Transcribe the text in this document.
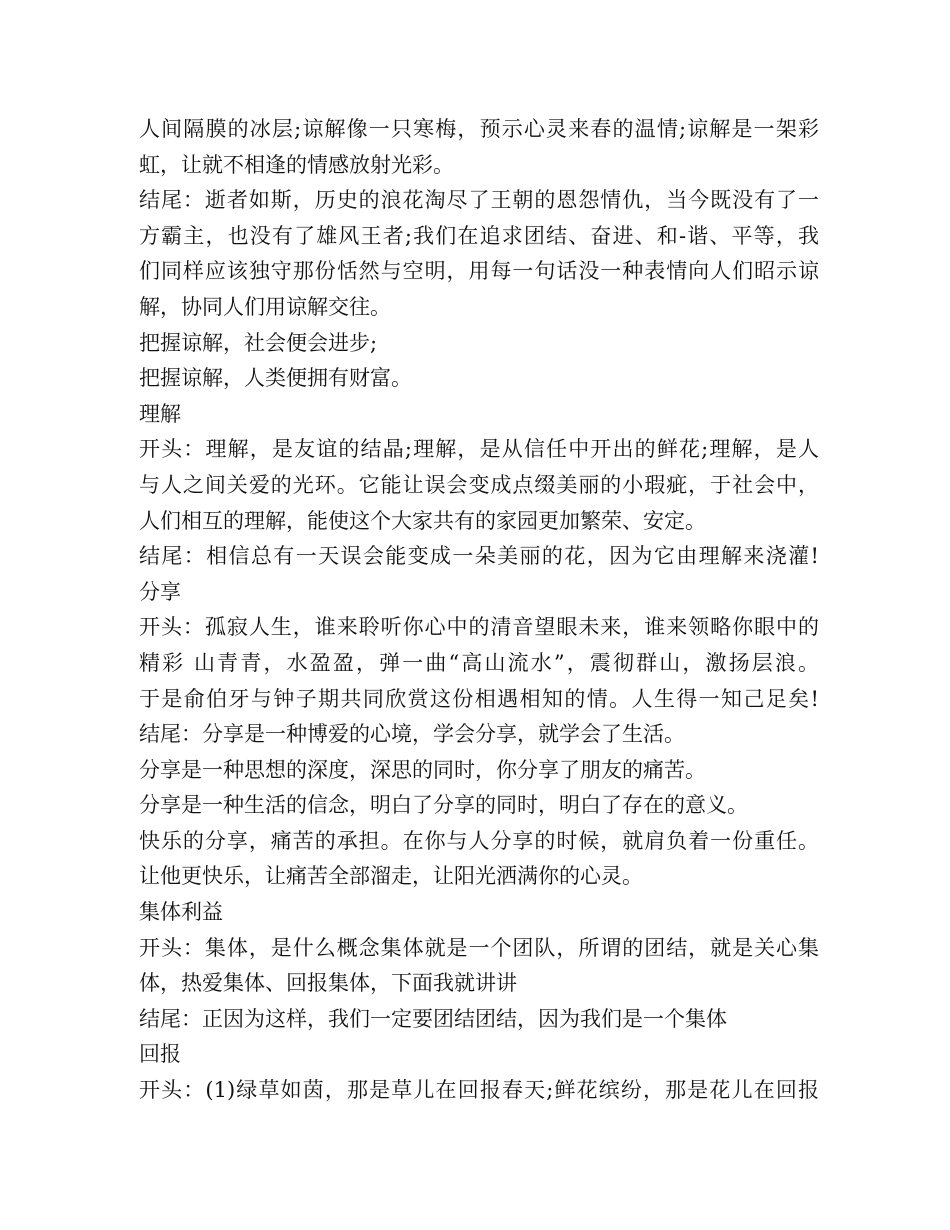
人间隔膜的冰层;谅解像一只寒梅，预示心灵来春的温情;谅解是一架彩
虹，让就不相逢的情感放射光彩。
结尾：逝者如斯，历史的浪花淘尽了王朝的恩怨情仇，当今既没有了一
方霸主，也没有了雄风王者;我们在追求团结、奋进、和-谐、平等，我
们同样应该独守那份恬然与空明，用每一句话没一种表情向人们昭示谅
解，协同人们用谅解交往。
把握谅解，社会便会进步;
把握谅解，人类便拥有财富。
理解
开头：理解，是友谊的结晶;理解，是从信任中开出的鲜花;理解，是人
与人之间关爱的光环。它能让误会变成点缀美丽的小瑕疵，于社会中，
人们相互的理解，能使这个大家共有的家园更加繁荣、安定。
结尾：相信总有一天误会能变成一朵美丽的花，因为它由理解来浇灌!
分享
开头：孤寂人生，谁来聆听你心中的清音望眼未来，谁来领略你眼中的
精彩 山青青，水盈盈，弹一曲“高山流水”，震彻群山，激扬层浪。
于是俞伯牙与钟子期共同欣赏这份相遇相知的情。人生得一知己足矣!
结尾：分享是一种博爱的心境，学会分享，就学会了生活。
分享是一种思想的深度，深思的同时，你分享了朋友的痛苦。
分享是一种生活的信念，明白了分享的同时，明白了存在的意义。
快乐的分享，痛苦的承担。在你与人分享的时候，就肩负着一份重任。
让他更快乐，让痛苦全部溜走，让阳光洒满你的心灵。
集体利益
开头：集体，是什么概念集体就是一个团队，所谓的团结，就是关心集
体，热爱集体、回报集体，下面我就讲讲
结尾：正因为这样，我们一定要团结团结，因为我们是一个集体
回报
开头：(1)绿草如茵，那是草儿在回报春天;鲜花缤纷，那是花儿在回报
